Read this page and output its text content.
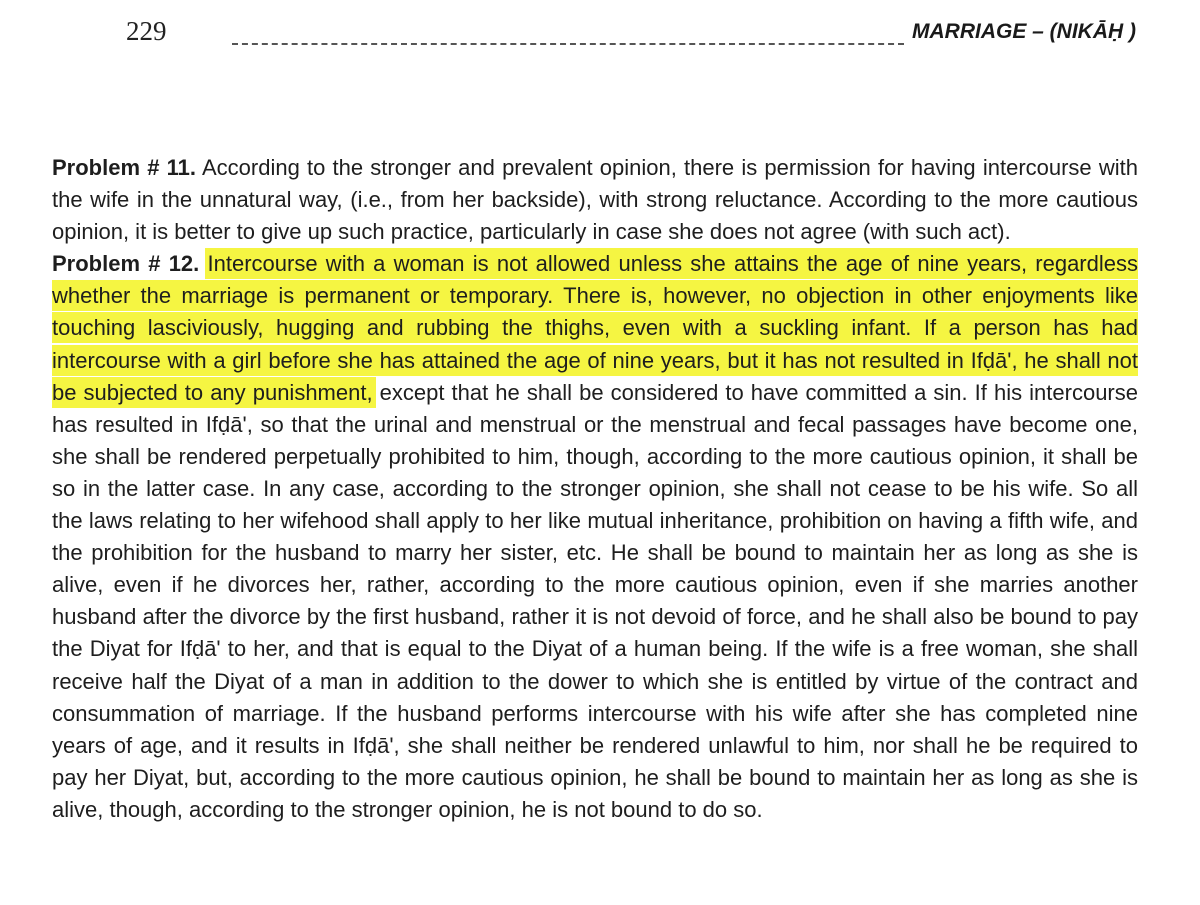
229	MARRIAGE – (NIKĀḤ )

Problem # 11. According to the stronger and prevalent opinion, there is permission for having intercourse with the wife in the unnatural way, (i.e., from her backside), with strong reluctance. According to the more cautious opinion, it is better to give up such practice, particularly in case she does not agree (with such act).

Problem # 12. Intercourse with a woman is not allowed unless she attains the age of nine years, regardless whether the marriage is permanent or temporary. There is, however, no objection in other enjoyments like touching lasciviously, hugging and rubbing the thighs, even with a suckling infant. If a person has had intercourse with a girl before she has attained the age of nine years, but it has not resulted in Ifḍā', he shall not be subjected to any punishment, except that he shall be considered to have committed a sin. If his intercourse has resulted in Ifḍā', so that the urinal and menstrual or the menstrual and fecal passages have become one, she shall be rendered perpetually prohibited to him, though, according to the more cautious opinion, it shall be so in the latter case. In any case, according to the stronger opinion, she shall not cease to be his wife. So all the laws relating to her wifehood shall apply to her like mutual inheritance, prohibition on having a fifth wife, and the prohibition for the husband to marry her sister, etc. He shall be bound to maintain her as long as she is alive, even if he divorces her, rather, according to the more cautious opinion, even if she marries another husband after the divorce by the first husband, rather it is not devoid of force, and he shall also be bound to pay the Diyat for Ifḍā' to her, and that is equal to the Diyat of a human being. If the wife is a free woman, she shall receive half the Diyat of a man in addition to the dower to which she is entitled by virtue of the contract and consummation of marriage. If the husband performs intercourse with his wife after she has completed nine years of age, and it results in Ifḍā', she shall neither be rendered unlawful to him, nor shall he be required to pay her Diyat, but, according to the more cautious opinion, he shall be bound to maintain her as long as she is alive, though, according to the stronger opinion, he is not bound to do so.
